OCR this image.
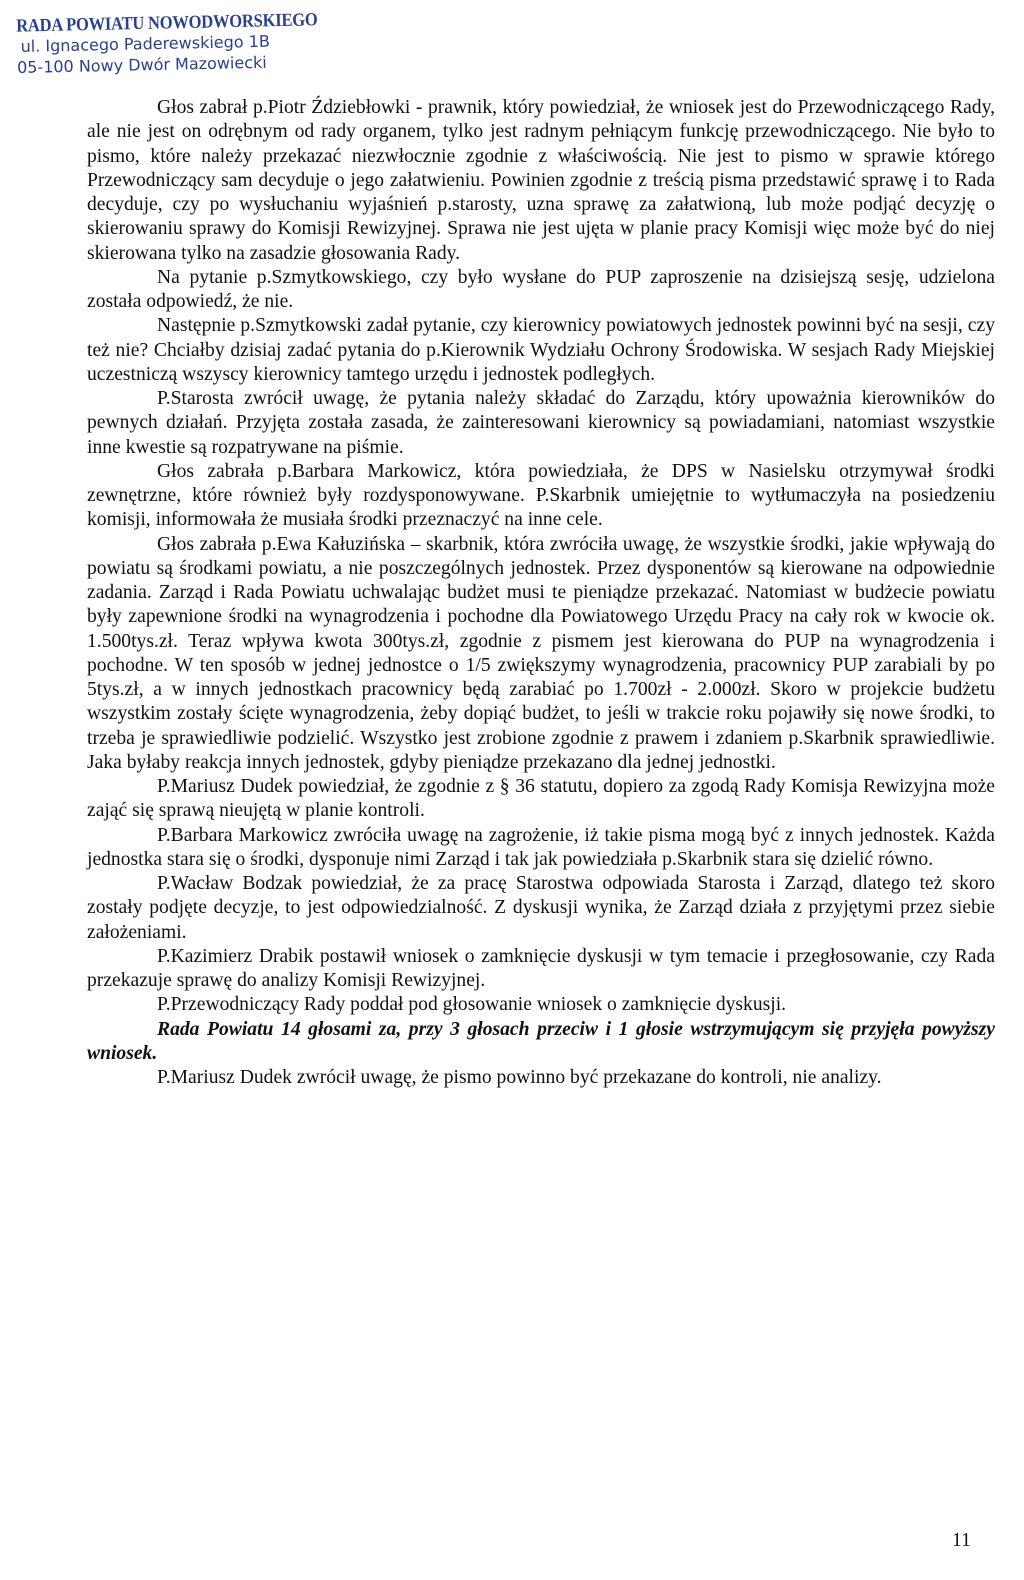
RADA POWIATU NOWODWORSKIEGO
ul. Ignacego Paderewskiego 1B
05-100 Nowy Dwór Mazowiecki

Głos zabrał p.Piotr Ździebłowki - prawnik, który powiedział, że wniosek jest do Przewodniczącego Rady, ale nie jest on odrębnym od rady organem, tylko jest radnym pełniącym funkcję przewodniczącego. Nie było to pismo, które należy przekazać niezwłocznie zgodnie z właściwością. Nie jest to pismo w sprawie którego Przewodniczący sam decyduje o jego załatwieniu. Powinien zgodnie z treścią pisma przedstawić sprawę i to Rada decyduje, czy po wysłuchaniu wyjaśnień p.starosty, uzna sprawę za załatwioną, lub może podjąć decyzję o skierowaniu sprawy do Komisji Rewizyjnej. Sprawa nie jest ujęta w planie pracy Komisji więc może być do niej skierowana tylko na zasadzie głosowania Rady.

Na pytanie p.Szmytkowskiego, czy było wysłane do PUP zaproszenie na dzisiejszą sesję, udzielona została odpowiedź, że nie.

Następnie p.Szmytkowski zadał pytanie, czy kierownicy powiatowych jednostek powinni być na sesji, czy też nie? Chciałby dzisiaj zadać pytania do p.Kierownik Wydziału Ochrony Środowiska. W sesjach Rady Miejskiej uczestniczą wszyscy kierownicy tamtego urzędu i jednostek podległych.

P.Starosta zwrócił uwagę, że pytania należy składać do Zarządu, który upoważnia kierowników do pewnych działań. Przyjęta została zasada, że zainteresowani kierownicy są powiadamiani, natomiast wszystkie inne kwestie są rozpatrywane na piśmie.

Głos zabrała p.Barbara Markowicz, która powiedziała, że DPS w Nasielsku otrzymywał środki zewnętrzne, które również były rozdysponowywane. P.Skarbnik umiejętnie to wytłumaczyła na posiedzeniu komisji, informowała że musiała środki przeznaczyć na inne cele.

Głos zabrała p.Ewa Kałuzińska – skarbnik, która zwróciła uwagę, że wszystkie środki, jakie wpływają do powiatu są środkami powiatu, a nie poszczególnych jednostek. Przez dysponentów są kierowane na odpowiednie zadania. Zarząd i Rada Powiatu uchwalając budżet musi te pieniądze przekazać. Natomiast w budżecie powiatu były zapewnione środki na wynagrodzenia i pochodne dla Powiatowego Urzędu Pracy na cały rok w kwocie ok. 1.500tys.zł. Teraz wpływa kwota 300tys.zł, zgodnie z pismem jest kierowana do PUP na wynagrodzenia i pochodne. W ten sposób w jednej jednostce o 1/5 zwiększymy wynagrodzenia, pracownicy PUP zarabiali by po 5tys.zł, a w innych jednostkach pracownicy będą zarabiać po 1.700zł - 2.000zł. Skoro w projekcie budżetu wszystkim zostały ścięte wynagrodzenia, żeby dopiąć budżet, to jeśli w trakcie roku pojawiły się nowe środki, to trzeba je sprawiedliwie podzielić. Wszystko jest zrobione zgodnie z prawem i zdaniem p.Skarbnik sprawiedliwie. Jaka byłaby reakcja innych jednostek, gdyby pieniądze przekazano dla jednej jednostki.

P.Mariusz Dudek powiedział, że zgodnie z § 36 statutu, dopiero za zgodą Rady Komisja Rewizyjna może zająć się sprawą nieujętą w planie kontroli.

P.Barbara Markowicz zwróciła uwagę na zagrożenie, iż takie pisma mogą być z innych jednostek. Każda jednostka stara się o środki, dysponuje nimi Zarząd i tak jak powiedziała p.Skarbnik stara się dzielić równo.

P.Wacław Bodzak powiedział, że za pracę Starostwa odpowiada Starosta i Zarząd, dlatego też skoro zostały podjęte decyzje, to jest odpowiedzialność. Z dyskusji wynika, że Zarząd działa z przyjętymi przez siebie założeniami.

P.Kazimierz Drabik postawił wniosek o zamknięcie dyskusji w tym temacie i przegłosowanie, czy Rada przekazuje sprawę do analizy Komisji Rewizyjnej.

P.Przewodniczący Rady poddał pod głosowanie wniosek o zamknięcie dyskusji.

Rada Powiatu 14 głosami za, przy 3 głosach przeciw i 1 głosie wstrzymującym się przyjęła powyższy wniosek.

P.Mariusz Dudek zwrócił uwagę, że pismo powinno być przekazane do kontroli, nie analizy.

11
